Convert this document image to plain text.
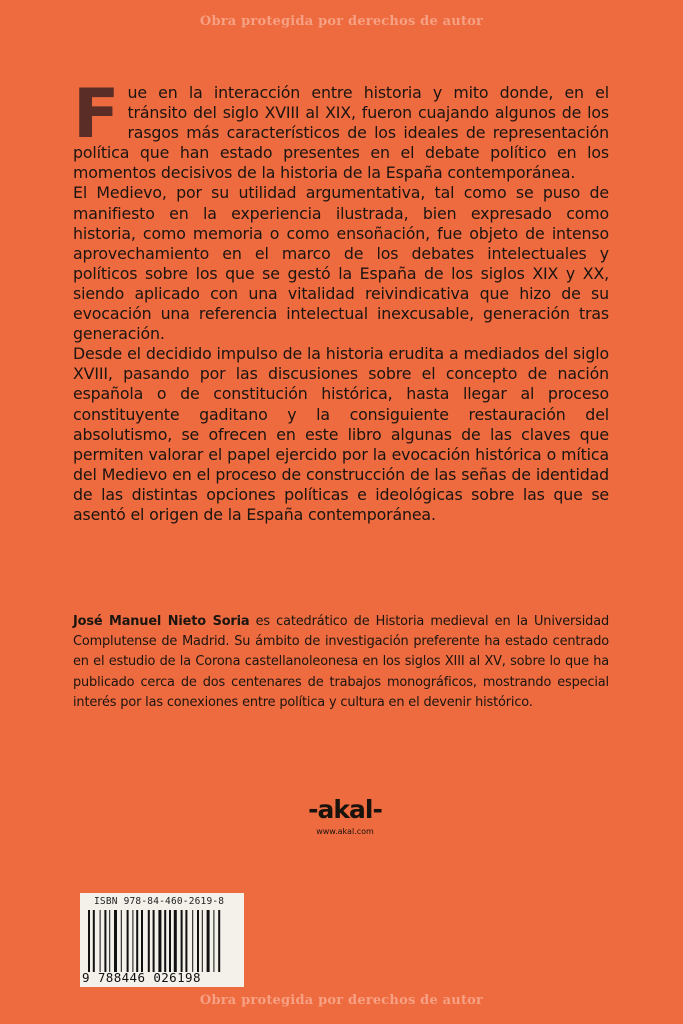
Obra protegida por derechos de autor
F ue en la interacción entre historia y mito donde, en el tránsito del siglo XVIII al XIX, fueron cuajando algunos de los rasgos más característicos de los ideales de representación política que han estado presentes en el debate político en los momentos decisivos de la historia de la España contemporánea.

El Medievo, por su utilidad argumentativa, tal como se puso de manifiesto en la experiencia ilustrada, bien expresado como historia, como memoria o como ensoñación, fue objeto de intenso aprovechamiento en el marco de los debates intelectuales y políticos sobre los que se gestó la España de los siglos XIX y XX, siendo aplicado con una vitalidad reivindicativa que hizo de su evocación una referencia intelectual inexcusable, generación tras generación.

Desde el decidido impulso de la historia erudita a mediados del siglo XVIII, pasando por las discusiones sobre el concepto de nación española o de constitución histórica, hasta llegar al proceso constituyente gaditano y la consiguiente restauración del absolutismo, se ofrecen en este libro algunas de las claves que permiten valorar el papel ejercido por la evocación histórica o mítica del Medievo en el proceso de construcción de las señas de identidad de las distintas opciones políticas e ideológicas sobre las que se asentó el origen de la España contemporánea.

José Manuel Nieto Soria es catedrático de Historia medieval en la Universidad Complutense de Madrid. Su ámbito de investigación preferente ha estado centrado en el estudio de la Corona castellanoleonesa en los siglos XIII al XV, sobre lo que ha publicado cerca de dos centenares de trabajos monográficos, mostrando especial interés por las conexiones entre política y cultura en el devenir histórico.

-akal-
www.akal.com
ISBN 978-84-460-2619-8
9 788446 026198
Obra protegida por derechos de autor
